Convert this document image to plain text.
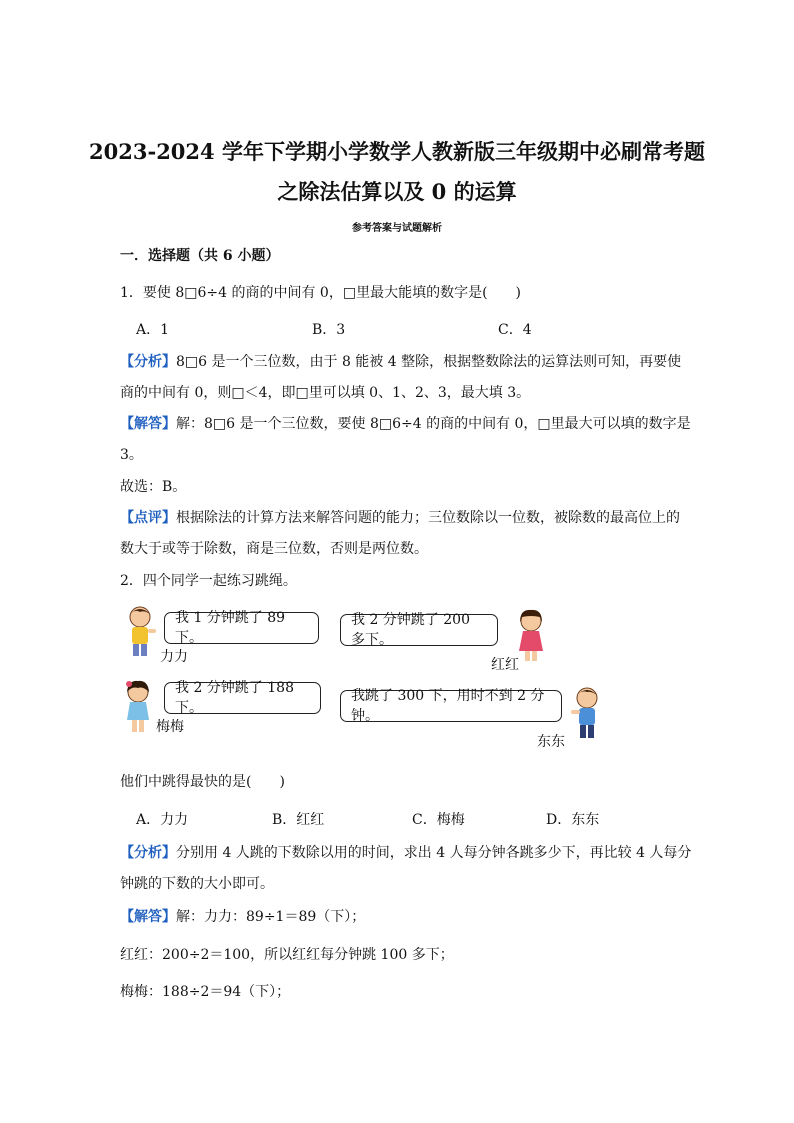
2023-2024 学年下学期小学数学人教新版三年级期中必刷常考题
之除法估算以及 0 的运算
参考答案与试题解析
一．选择题（共 6 小题）
1．要使 8□6÷4 的商的中间有 0，□里最大能填的数字是(　　)
A．1	B．3	C．4
【分析】8□6 是一个三位数，由于 8 能被 4 整除，根据整数除法的运算法则可知，再要使
商的中间有 0，则□＜4，即□里可以填 0、1、2、3，最大填 3。
【解答】解：8□6 是一个三位数，要使 8□6÷4 的商的中间有 0，□里最大可以填的数字是
3。
故选：B。
【点评】根据除法的计算方法来解答问题的能力；三位数除以一位数，被除数的最高位上的
数大于或等于除数，商是三位数，否则是两位数。
2．四个同学一起练习跳绳。
我 1 分钟跳了 89 下。
力力
我 2 分钟跳了 200 多下。
红红
我 2 分钟跳了 188 下。
梅梅
我跳了 300 下，用时不到 2 分钟。
东东
他们中跳得最快的是(　　)
A．力力	B．红红	C．梅梅	D．东东
【分析】分别用 4 人跳的下数除以用的时间，求出 4 人每分钟各跳多少下，再比较 4 人每分
钟跳的下数的大小即可。
【解答】解：力力：89÷1＝89（下）；
红红：200÷2＝100，所以红红每分钟跳 100 多下；
梅梅：188÷2＝94（下）；
